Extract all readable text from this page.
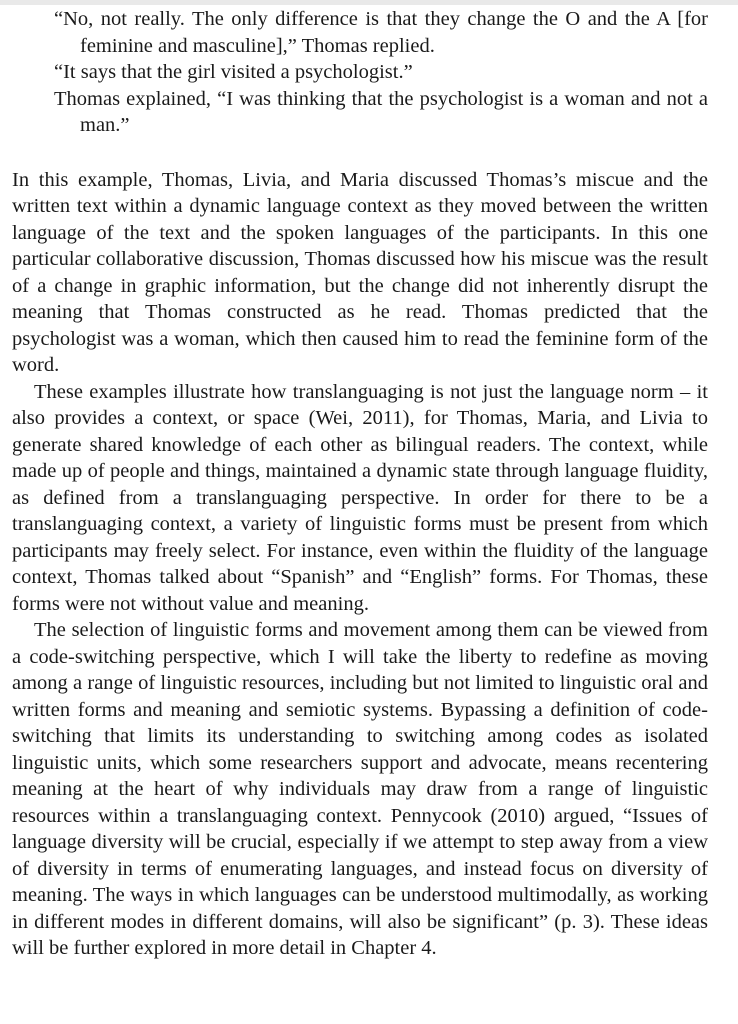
“No, not really. The only difference is that they change the O and the A [for feminine and masculine],” Thomas replied.

“It says that the girl visited a psychologist.”

Thomas explained, “I was thinking that the psychologist is a woman and not a man.”

In this example, Thomas, Livia, and Maria discussed Thomas’s miscue and the written text within a dynamic language context as they moved between the written language of the text and the spoken languages of the participants. In this one particular collaborative discussion, Thomas discussed how his miscue was the result of a change in graphic information, but the change did not inherently disrupt the meaning that Thomas constructed as he read. Thomas predicted that the psychologist was a woman, which then caused him to read the feminine form of the word.

These examples illustrate how translanguaging is not just the language norm – it also provides a context, or space (Wei, 2011), for Thomas, Maria, and Livia to generate shared knowledge of each other as bilingual readers. The context, while made up of people and things, maintained a dynamic state through language fluidity, as defined from a translanguaging perspective. In order for there to be a translanguaging context, a variety of linguistic forms must be present from which participants may freely select. For instance, even within the fluidity of the language context, Thomas talked about “Spanish” and “English” forms. For Thomas, these forms were not without value and meaning.

The selection of linguistic forms and movement among them can be viewed from a code-switching perspective, which I will take the liberty to redefine as moving among a range of linguistic resources, including but not limited to linguistic oral and written forms and meaning and semiotic systems. Bypassing a definition of code-switching that limits its understanding to switching among codes as isolated linguistic units, which some researchers support and advocate, means recentering meaning at the heart of why individuals may draw from a range of linguistic resources within a translanguaging context. Pennycook (2010) argued, “Issues of language diversity will be crucial, especially if we attempt to step away from a view of diversity in terms of enumerating languages, and instead focus on diversity of meaning. The ways in which languages can be understood multimodally, as working in different modes in different domains, will also be significant” (p. 3). These ideas will be further explored in more detail in Chapter 4.
